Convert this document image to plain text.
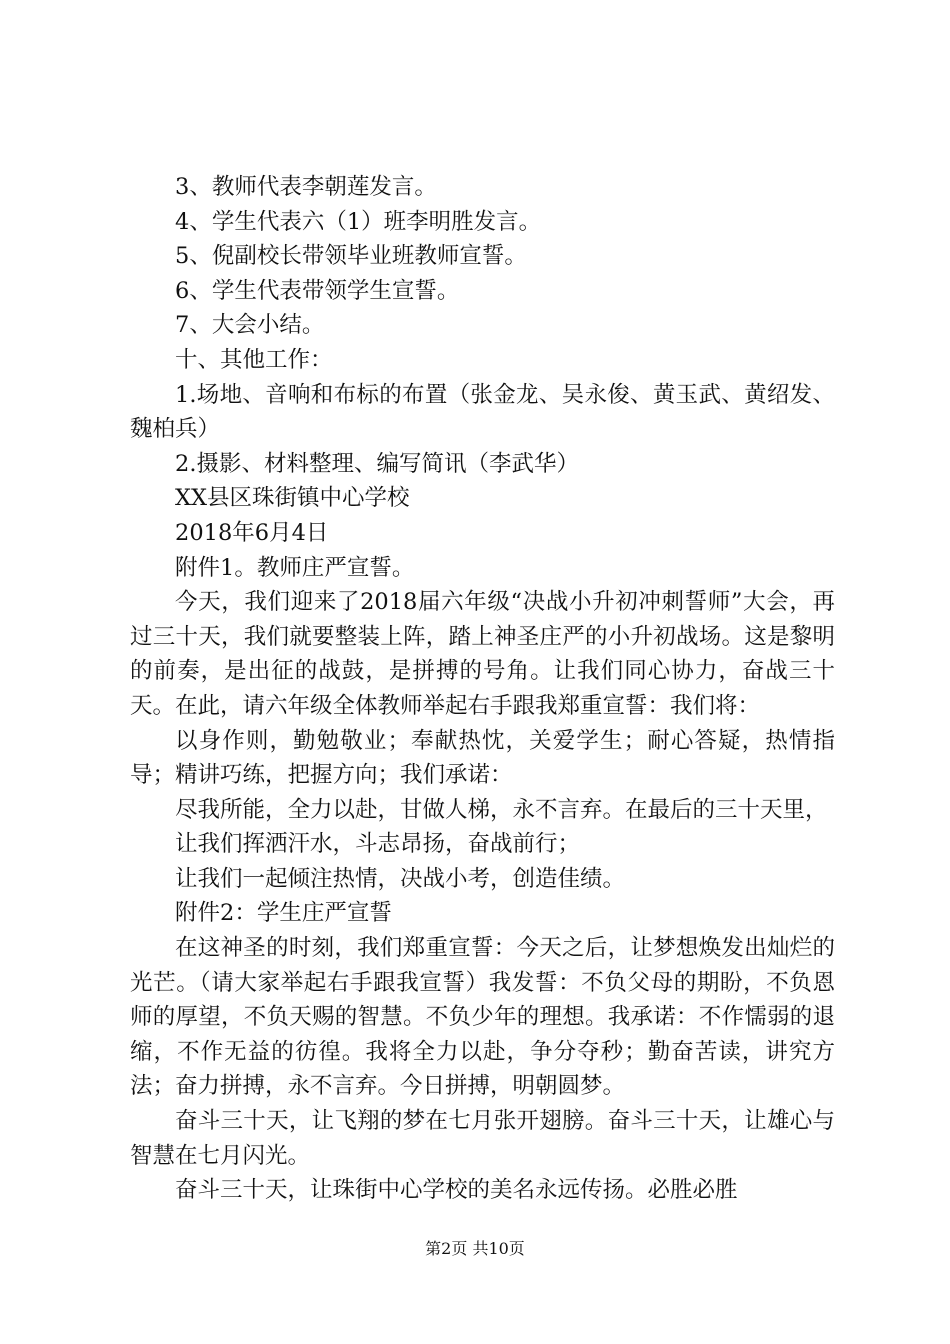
3、教师代表李朝莲发言。

4、学生代表六（1）班李明胜发言。

5、倪副校长带领毕业班教师宣誓。

6、学生代表带领学生宣誓。

7、大会小结。

十、其他工作：

1.场地、音响和布标的布置（张金龙、吴永俊、黄玉武、黄绍发、魏柏兵）

2.摄影、材料整理、编写简讯（李武华）

XX县区珠街镇中心学校

2018年6月4日

附件1。教师庄严宣誓。

今天，我们迎来了2018届六年级“决战小升初冲刺誓师”大会，再过三十天，我们就要整装上阵，踏上神圣庄严的小升初战场。这是黎明的前奏，是出征的战鼓，是拼搏的号角。让我们同心协力，奋战三十天。在此，请六年级全体教师举起右手跟我郑重宣誓：我们将：

以身作则，勤勉敬业；奉献热忱，关爱学生；耐心答疑，热情指导；精讲巧练，把握方向；我们承诺：

尽我所能，全力以赴，甘做人梯，永不言弃。在最后的三十天里，

让我们挥洒汗水，斗志昂扬，奋战前行；

让我们一起倾注热情，决战小考，创造佳绩。

附件2：学生庄严宣誓

在这神圣的时刻，我们郑重宣誓：今天之后，让梦想焕发出灿烂的光芒。（请大家举起右手跟我宣誓）我发誓：不负父母的期盼，不负恩师的厚望，不负天赐的智慧。不负少年的理想。我承诺：不作懦弱的退缩，不作无益的彷徨。我将全力以赴，争分夺秒；勤奋苦读，讲究方法；奋力拼搏，永不言弃。今日拼搏，明朝圆梦。

奋斗三十天，让飞翔的梦在七月张开翅膀。奋斗三十天，让雄心与智慧在七月闪光。

奋斗三十天，让珠街中心学校的美名永远传扬。必胜必胜

第2页 共10页
